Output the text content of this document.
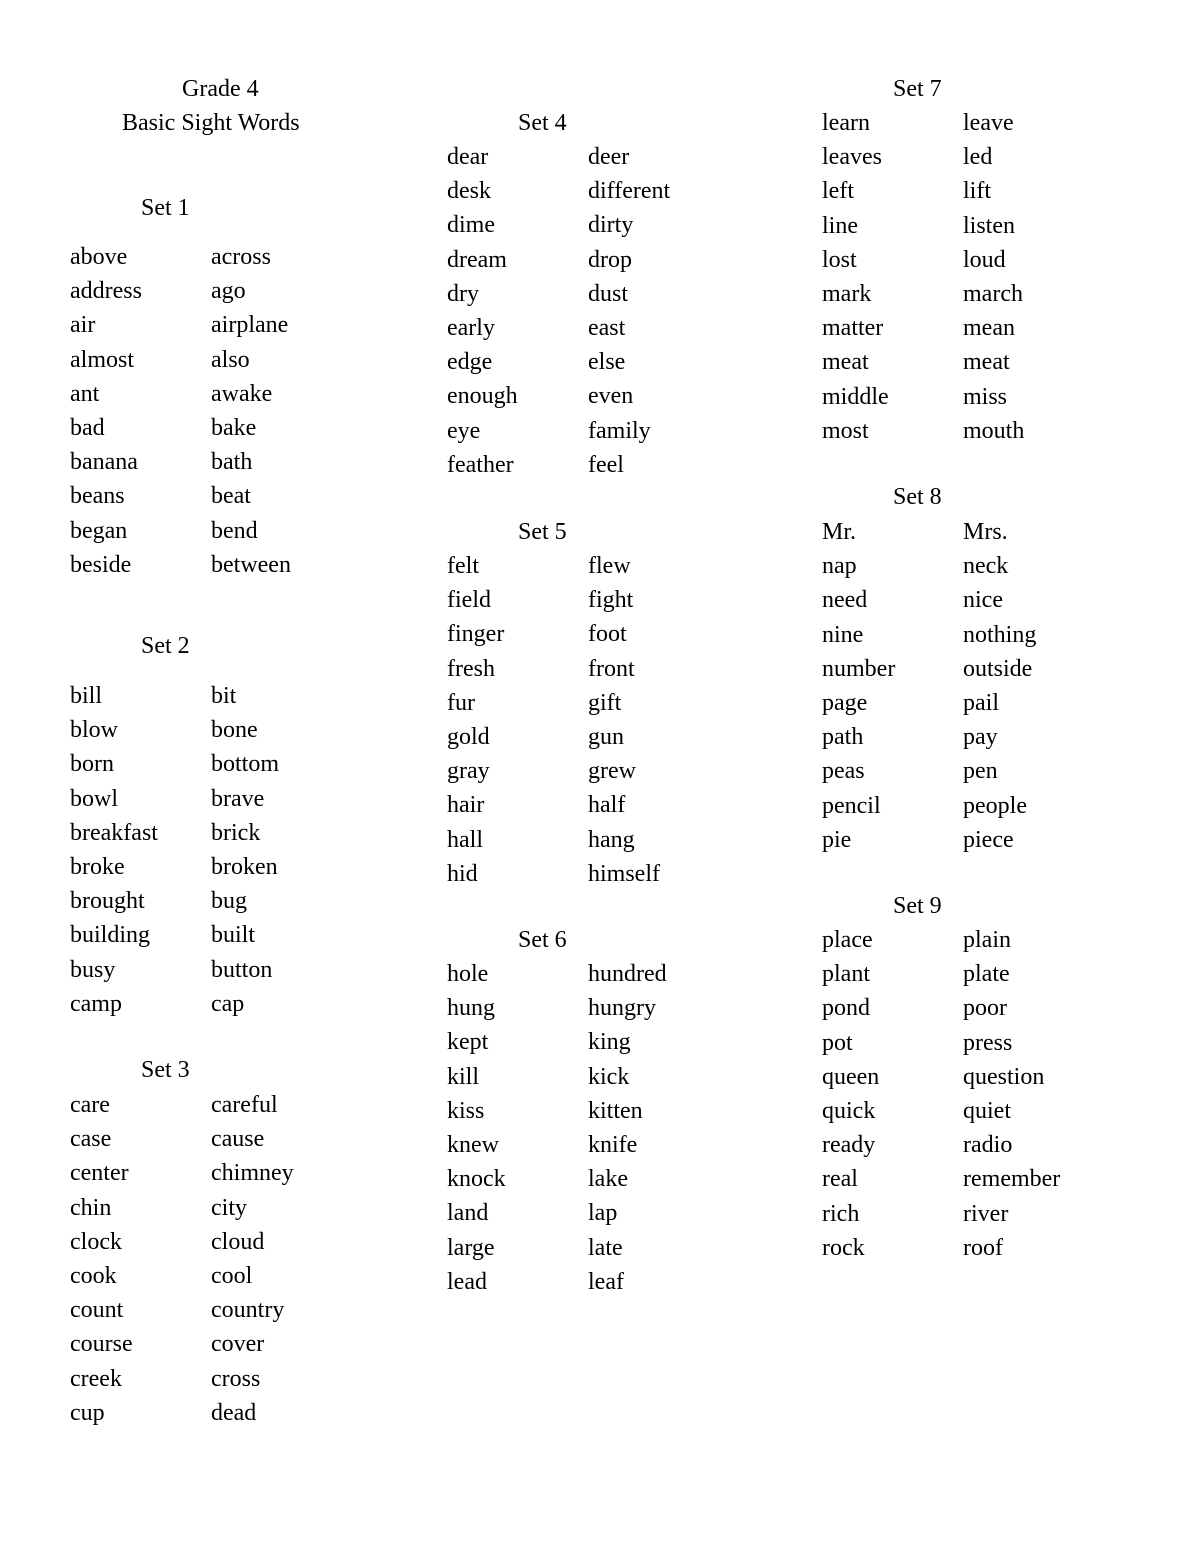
Grade 4
Basic Sight Words
Set 1
above	across
address	ago
air	airplane
almost	also
ant	awake
bad	bake
banana	bath
beans	beat
began	bend
beside	between
Set 2
bill	bit
blow	bone
born	bottom
bowl	brave
breakfast brick
broke	broken
brought	bug
building	built
busy	button
camp	cap
Set 3
care	careful
case	cause
center	chimney
chin	city
clock	cloud
cook	cool
count	country
course	cover
creek	cross
cup	dead
Set 4
dear	deer
desk	different
dime	dirty
dream	drop
dry	dust
early	east
edge	else
enough	even
eye	family
feather	feel
Set 5
felt	flew
field	fight
finger	foot
fresh	front
fur	gift
gold	gun
gray	grew
hair	half
hall	hang
hid	himself
Set 6
hole	hundred
hung	hungry
kept	king
kill	kick
kiss	kitten
knew	knife
knock	lake
land	lap
large	late
lead	leaf
Set 7
learn	leave
leaves	led
left	lift
line	listen
lost	loud
mark	march
matter	mean
meat	meat
middle	miss
most	mouth
Set 8
Mr.	Mrs.
nap	neck
need	nice
nine	nothing
number	outside
page	pail
path	pay
peas	pen
pencil	people
pie	piece
Set 9
place	plain
plant	plate
pond	poor
pot	press
queen	question
quick	quiet
ready	radio
real	remember
rich	river
rock	roof
